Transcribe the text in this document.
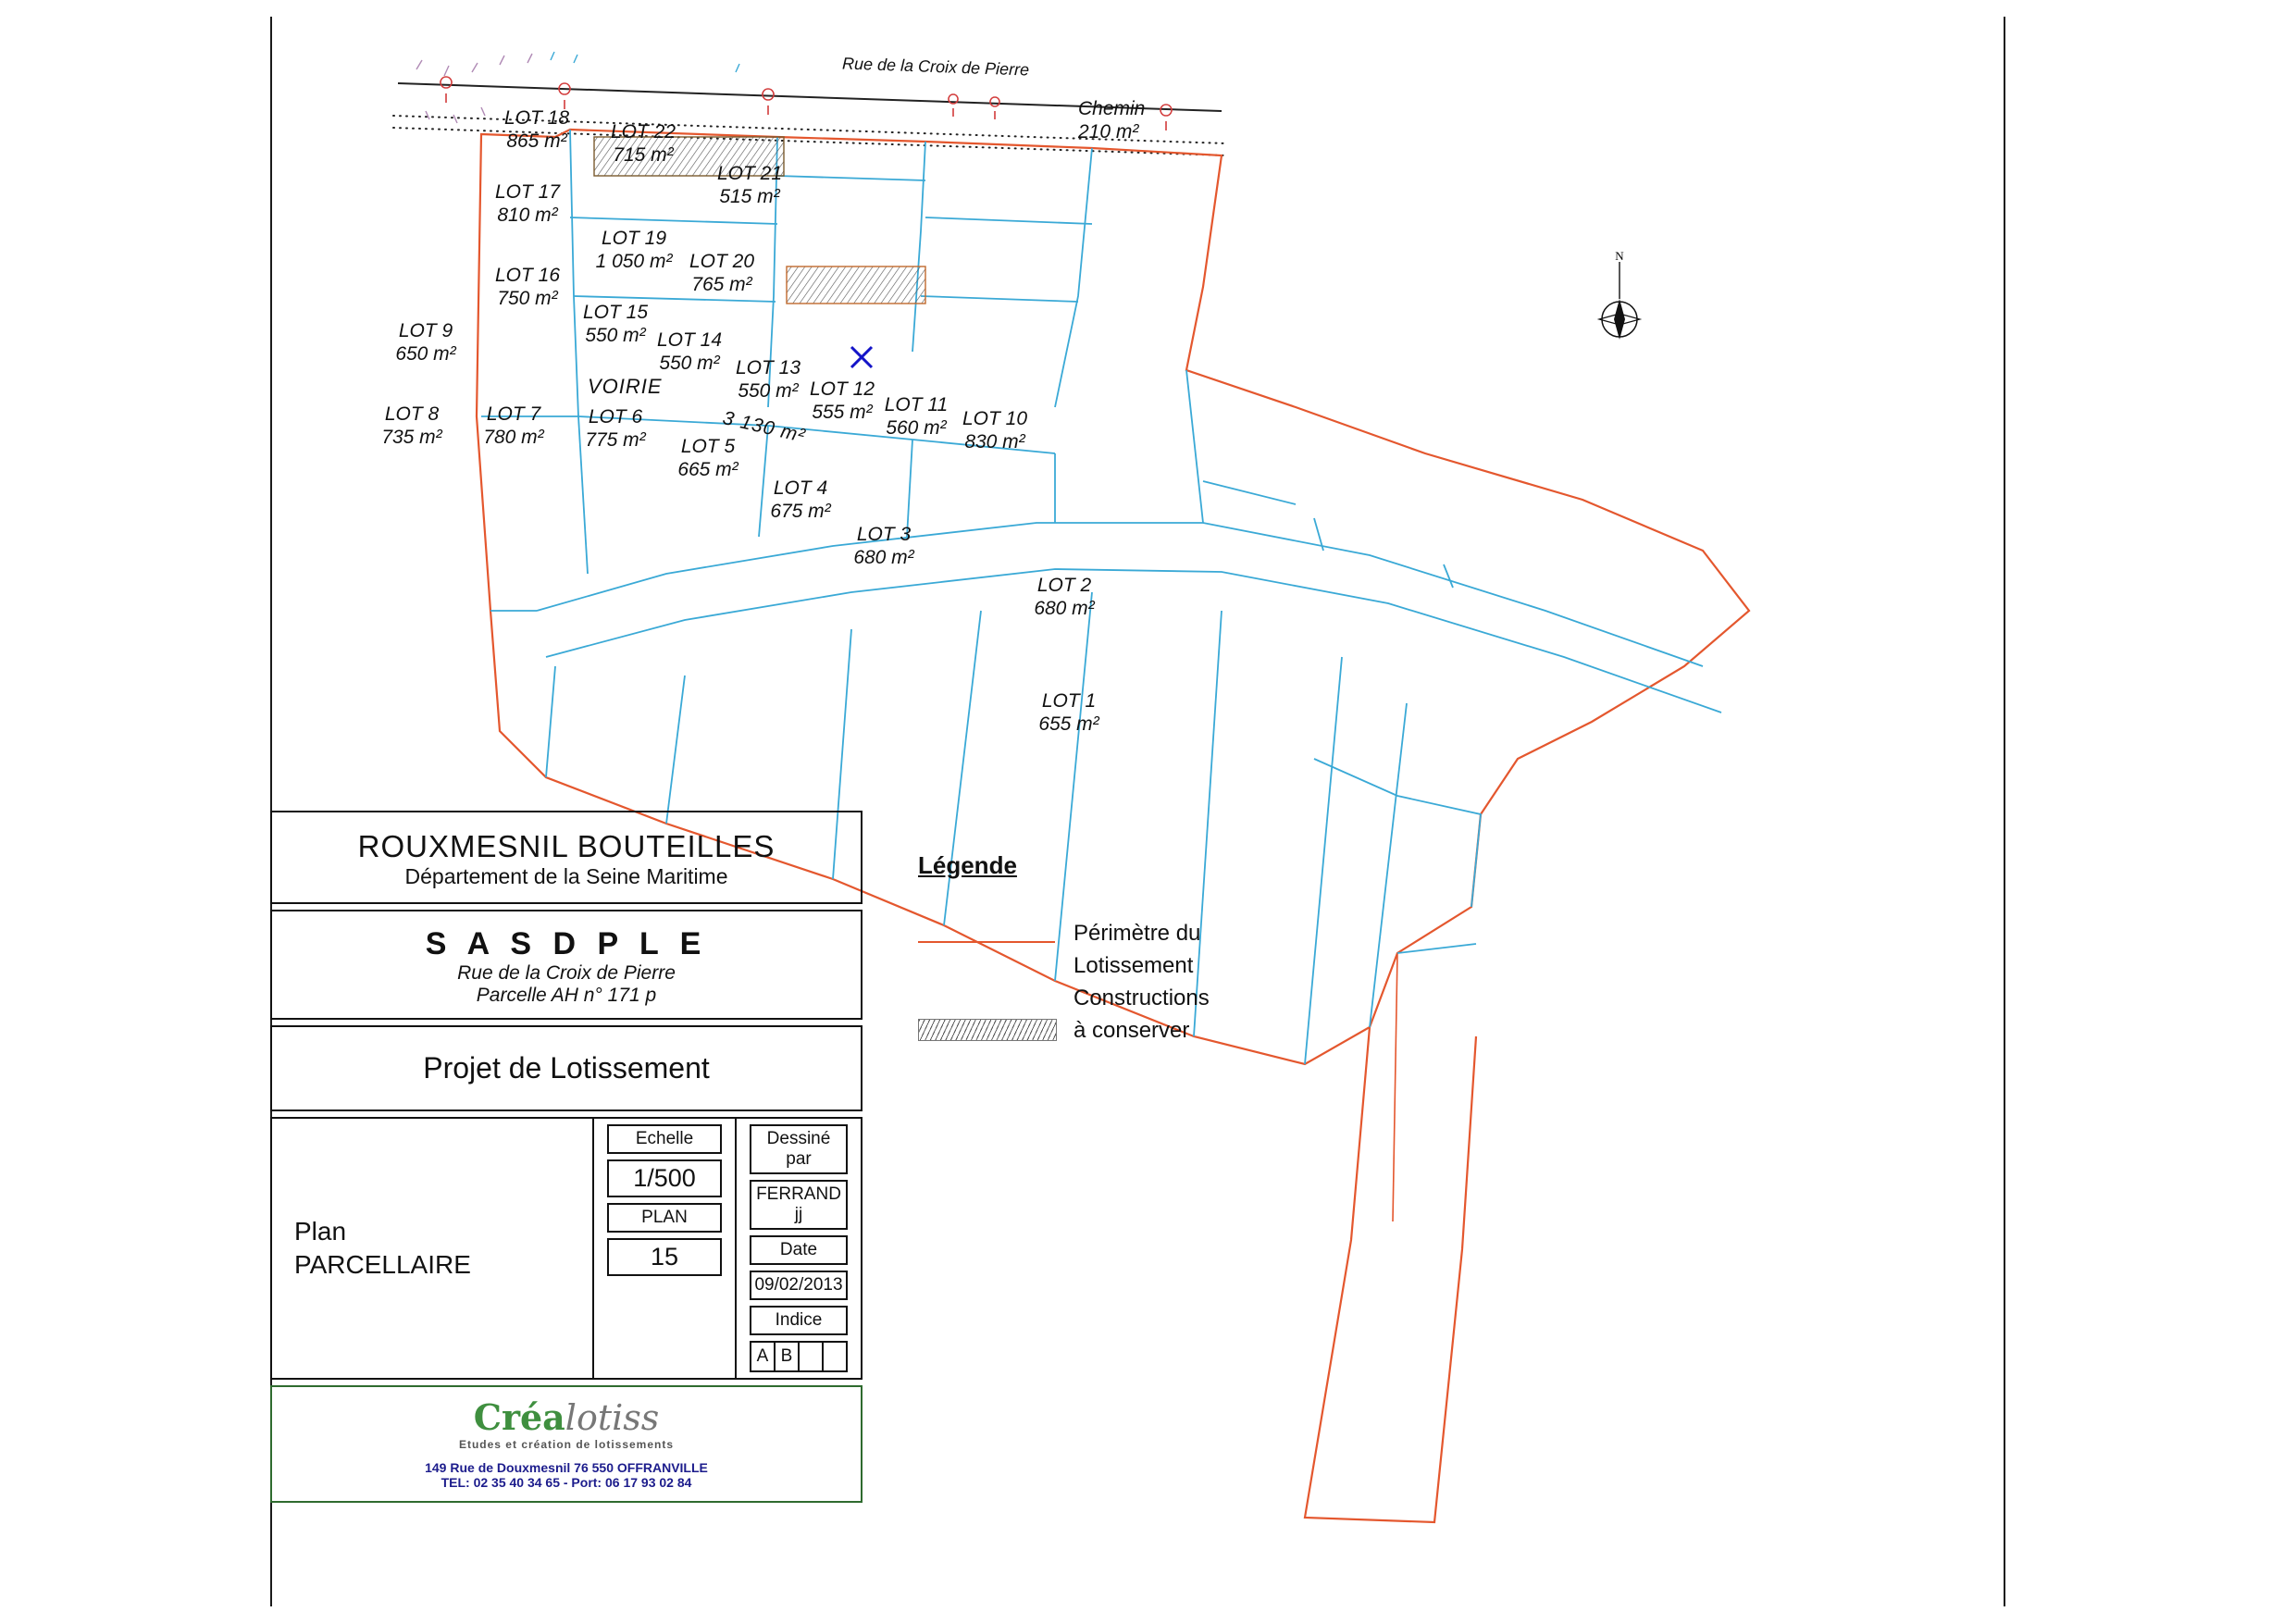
Rue de la Croix de Pierre
Chemin
210 m²
VOIRIE
3 130 m²
LOT 18
865 m²	LOT 22
715 m²
LOT 21
515 m²
LOT 17
810 m²
LOT 19
1 050 m² LOT 20
765 m²
LOT 16
750 m²
LOT 15
550 m² LOT 14
550 m² LOT 13
550 m² LOT 12
555 m² LOT 11
560 m² LOT 10
830 m²
LOT 9
650 m²
LOT 8
735 m²
LOT 7
780 m²
LOT 6
775 m²	LOT 5
665 m²
LOT 4
675 m²
LOT 3
680 m²
LOT 2
680 m²
LOT 1
655 m²
N
Légende
Périmètre du
Lotissement
Constructions
à conserver
ROUXMESNIL BOUTEILLES
Département de la Seine Maritime
S A S D P L E
Rue de la Croix de Pierre
Parcelle AH n° 171 p
Projet de Lotissement
Plan
PARCELLAIRE
Echelle
1/500
PLAN
15
Dessiné par
FERRAND jj
Date
09/02/2013
Indice
A B

Créalotiss
Etudes et création de lotissements
149 Rue de Douxmesnil 76 550 OFFRANVILLE
TEL: 02 35 40 34 65 - Port: 06 17 93 02 84
